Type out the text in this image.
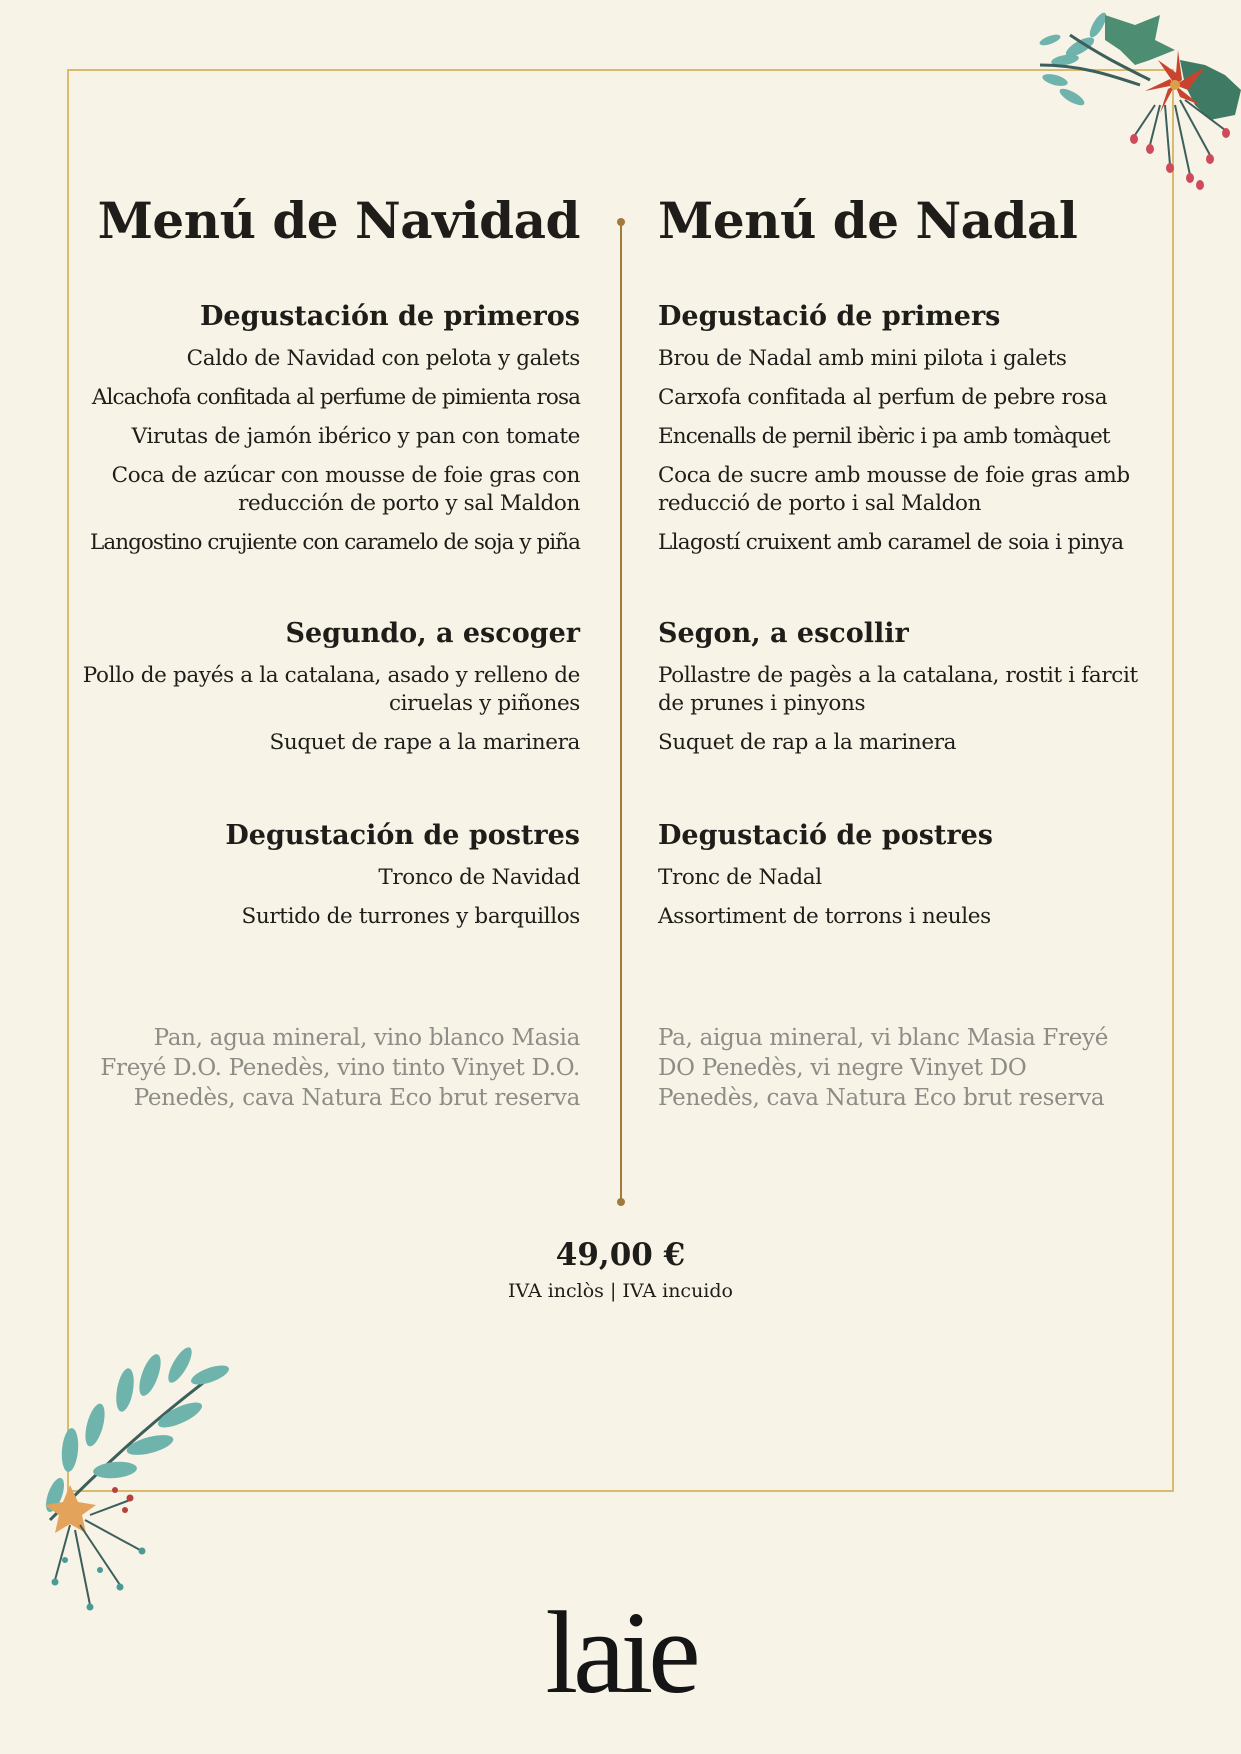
Menú de Navidad
Degustación de primeros
Caldo de Navidad con pelota y galets
Alcachofa confitada al perfume de pimienta rosa
Virutas de jamón ibérico y pan con tomate
Coca de azúcar con mousse de foie gras con reducción de porto y sal Maldon
Langostino crujiente con caramelo de soja y piña
Segundo, a escoger
Pollo de payés a la catalana, asado y relleno de ciruelas y piñones
Suquet de rape a la marinera
Degustación de postres
Tronco de Navidad
Surtido de turrones y barquillos

Pan, agua mineral, vino blanco Masia Freyé D.O. Penedès, vino tinto Vinyet D.O. Penedès, cava Natura Eco brut reserva

Menú de Nadal
Degustació de primers
Brou de Nadal amb mini pilota i galets
Carxofa confitada al perfum de pebre rosa
Encenalls de pernil ibèric i pa amb tomàquet
Coca de sucre amb mousse de foie gras amb reducció de porto i sal Maldon
Llagostí cruixent amb caramel de soia i pinya
Segon, a escollir
Pollastre de pagès a la catalana, rostit i farcit de prunes i pinyons
Suquet de rap a la marinera
Degustació de postres
Tronc de Nadal
Assortiment de torrons i neules

Pa, aigua mineral, vi blanc Masia Freyé DO Penedès, vi negre Vinyet DO Penedès, cava Natura Eco brut reserva

49,00 €
IVA inclòs | IVA incuido
laie
